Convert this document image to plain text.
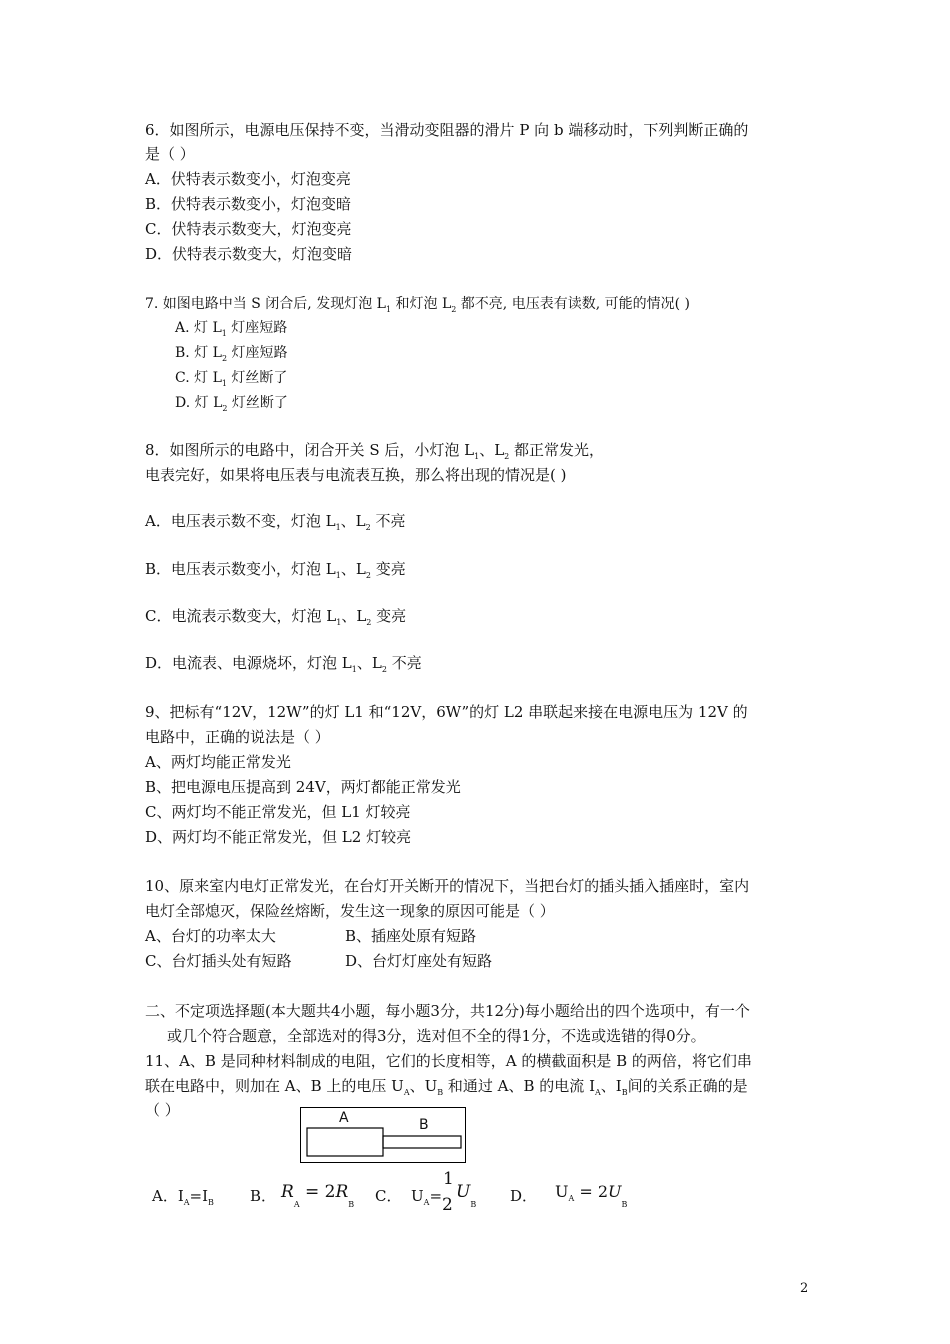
6．如图所示，电源电压保持不变，当滑动变阻器的滑片 P 向 b 端移动时，下列判断正确的
是（ ）
A．伏特表示数变小，灯泡变亮
B．伏特表示数变小，灯泡变暗
C．伏特表示数变大，灯泡变亮
D．伏特表示数变大，灯泡变暗
7. 如图电路中当 S 闭合后, 发现灯泡 $L_1$ 和灯泡 $L_2$ 都不亮, 电压表有读数, 可能的情况( )
A. 灯 $L_1$ 灯座短路
B. 灯 $L_2$ 灯座短路
C. 灯 $L_1$ 灯丝断了
D. 灯 $L_2$ 灯丝断了
8．如图所示的电路中，闭合开关 S 后，小灯泡 $L_1$、$L_2$ 都正常发光，
电表完好，如果将电压表与电流表互换，那么将出现的情况是( )
A．电压表示数不变，灯泡 $L_1$、$L_2$ 不亮
B．电压表示数变小，灯泡 $L_1$、$L_2$ 变亮
C．电流表示数变大，灯泡 $L_1$、$L_2$ 变亮
D．电流表、电源烧坏，灯泡 $L_1$、$L_2$ 不亮
9、把标有“12V，12W”的灯 L1 和“12V，6W”的灯 L2 串联起来接在电源电压为 12V 的
电路中，正确的说法是（ ）
A、两灯均能正常发光
B、把电源电压提高到 24V，两灯都能正常发光
C、两灯均不能正常发光，但 L1 灯较亮
D、两灯均不能正常发光，但 L2 灯较亮
10、原来室内电灯正常发光，在台灯开关断开的情况下，当把台灯的插头插入插座时，室内
电灯全部熄灭，保险丝熔断，发生这一现象的原因可能是（ ）
A、台灯的功率太大	B、插座处原有短路
C、台灯插头处有短路	D、台灯灯座处有短路
二、不定项选择题(本大题共4小题，每小题3分，共12分)每小题给出的四个选项中，有一个
或几个符合题意，全部选对的得3分，选对但不全的得1分，不选或选错的得0分。
11、A、B 是同种材料制成的电阻，它们的长度相等，A 的横截面积是 B 的两倍，将它们串
联在电路中，则加在 A、B 上的电压 $U_A$、$U_B$ 和通过 A、B 的电流 $I_A$、$I_B$间的关系正确的是
（ ）	A	B
A．$I_A=I_B$ B． $R_A = 2R_B$ C． $U_A=$
1
2
$U_B$ D． $U_A = 2U_B$
2
